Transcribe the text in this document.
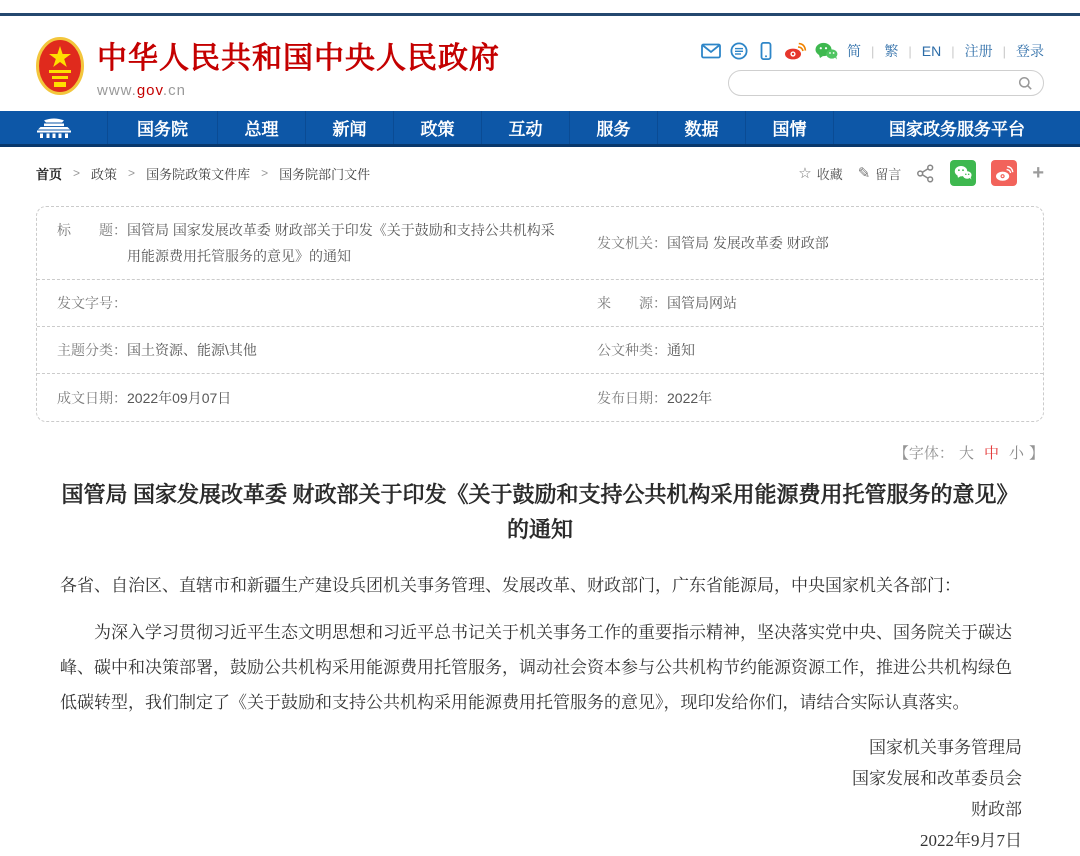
中华人民共和国中央人民政府
www.gov.cn
简 | 繁 | EN | 注册 | 登录
国务院	总理	新闻	政策	互动	服务	数据	国情	国家政务服务平台
首页 > 政策 > 国务院政策文件库 > 国务院部门文件	☆ 收藏 ✎ 留言	+
标　　题： 国管局 国家发展改革委 财政部关于印发《关于鼓励和支持公共机构采用能源费用托管服务的意见》的通知
发文机关： 国管局 发展改革委 财政部
发文字号：	来　　源： 国管局网站
主题分类： 国土资源、能源\其他	公文种类： 通知
成文日期： 2022年09月07日	发布日期： 2022年
【字体： 大 中 小 】
国管局 国家发展改革委 财政部关于印发《关于鼓励和支持公共机构采用能源费用托管服务的意见》的通知

各省、自治区、直辖市和新疆生产建设兵团机关事务管理、发展改革、财政部门，广东省能源局，中央国家机关各部门：

为深入学习贯彻习近平生态文明思想和习近平总书记关于机关事务工作的重要指示精神，坚决落实党中央、国务院关于碳达峰、碳中和决策部署，鼓励公共机构采用能源费用托管服务，调动社会资本参与公共机构节约能源资源工作，推进公共机构绿色低碳转型，我们制定了《关于鼓励和支持公共机构采用能源费用托管服务的意见》，现印发给你们，请结合实际认真落实。

国家机关事务管理局
国家发展和改革委员会
财政部
2022年9月7日
